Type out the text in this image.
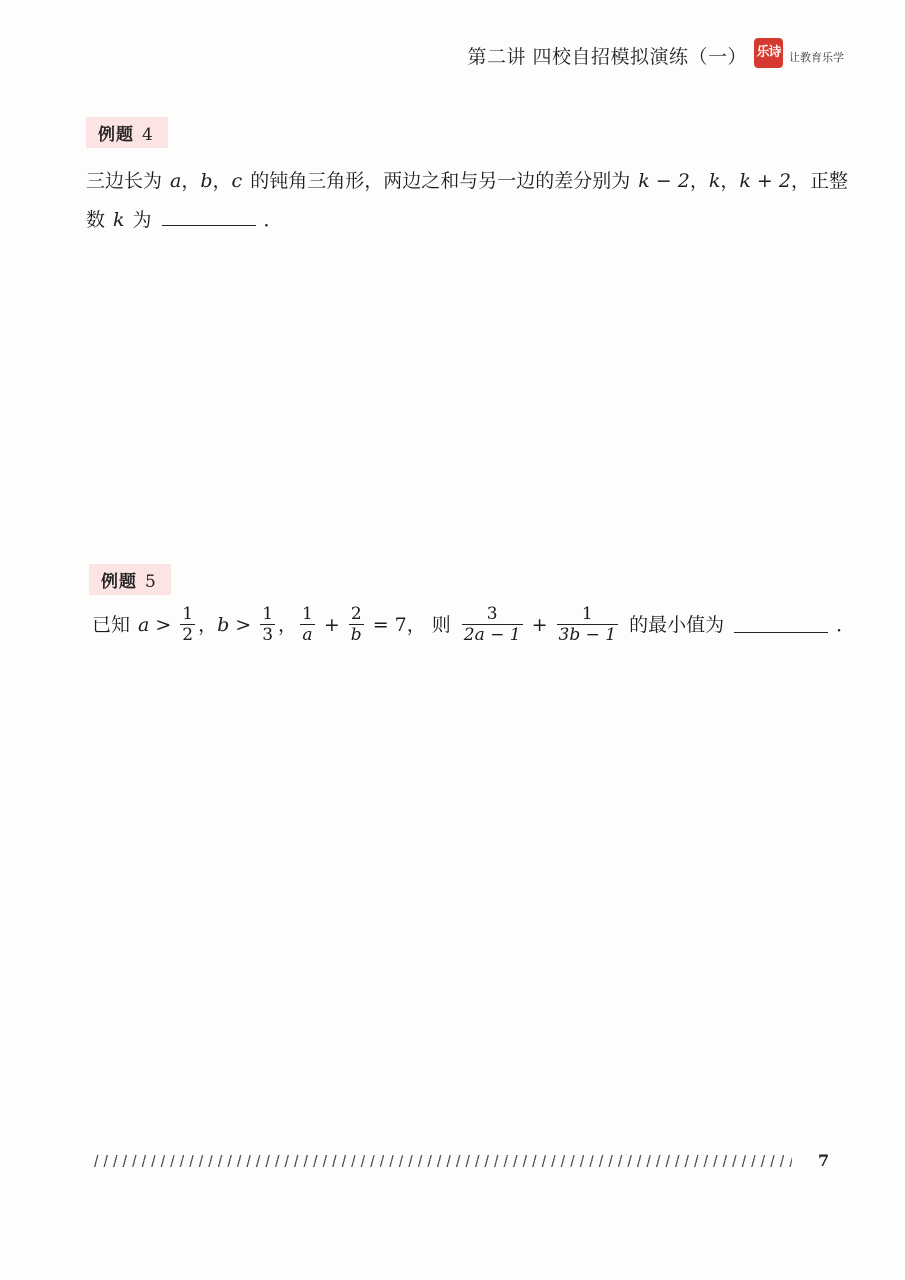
第二讲 四校自招模拟演练（一） 乐诗 让教育乐学
例题 4
三边长为 a，b，c 的钝角三角形，两边之和与另一边的差分别为 k − 2，k，k + 2，正整
数 k 为	．
例题 5
已知 $a > \frac{1}{2}$ ， $b > \frac{1}{3}$ ， $\frac{1}{a} + \frac{2}{b} = 7$， 则 $\frac{3}{2a - 1} + \frac{1}{3b - 1}$ 的最小值为	．
7
